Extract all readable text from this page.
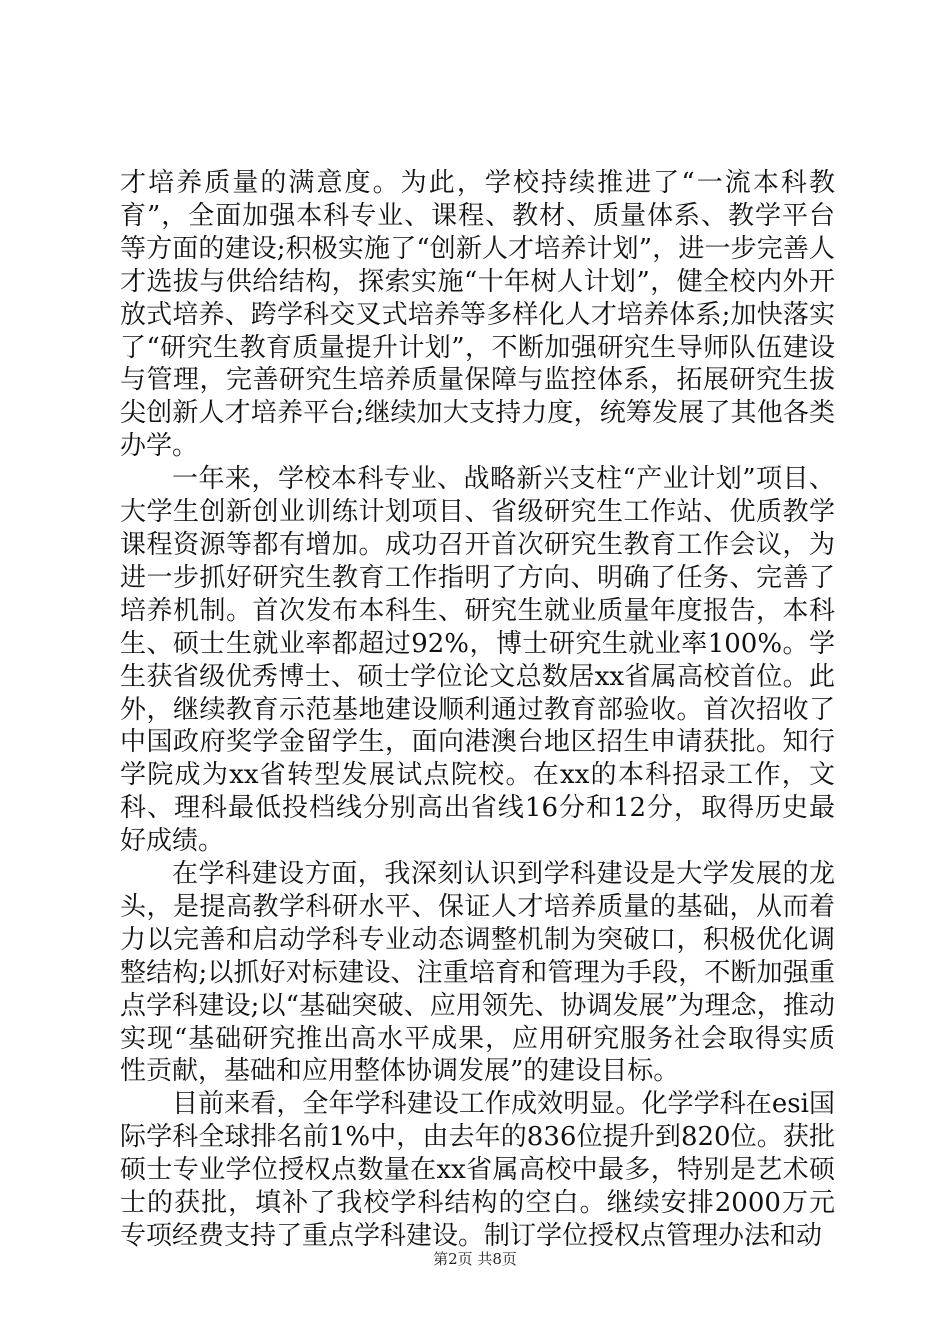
才培养质量的满意度。为此，学校持续推进了“一流本科教育”，全面加强本科专业、课程、教材、质量体系、教学平台等方面的建设;积极实施了“创新人才培养计划”，进一步完善人才选拔与供给结构，探索实施“十年树人计划”，健全校内外开放式培养、跨学科交叉式培养等多样化人才培养体系;加快落实了“研究生教育质量提升计划”，不断加强研究生导师队伍建设与管理，完善研究生培养质量保障与监控体系，拓展研究生拔尖创新人才培养平台;继续加大支持力度，统筹发展了其他各类办学。

一年来，学校本科专业、战略新兴支柱“产业计划”项目、大学生创新创业训练计划项目、省级研究生工作站、优质教学课程资源等都有增加。成功召开首次研究生教育工作会议，为进一步抓好研究生教育工作指明了方向、明确了任务、完善了培养机制。首次发布本科生、研究生就业质量年度报告，本科生、硕士生就业率都超过92%，博士研究生就业率100%。学生获省级优秀博士、硕士学位论文总数居xx省属高校首位。此外，继续教育示范基地建设顺利通过教育部验收。首次招收了中国政府奖学金留学生，面向港澳台地区招生申请获批。知行学院成为xx省转型发展试点院校。在xx的本科招录工作，文科、理科最低投档线分别高出省线16分和12分，取得历史最好成绩。

在学科建设方面，我深刻认识到学科建设是大学发展的龙头，是提高教学科研水平、保证人才培养质量的基础，从而着力以完善和启动学科专业动态调整机制为突破口，积极优化调整结构;以抓好对标建设、注重培育和管理为手段，不断加强重点学科建设;以“基础突破、应用领先、协调发展”为理念，推动实现“基础研究推出高水平成果，应用研究服务社会取得实质性贡献，基础和应用整体协调发展”的建设目标。

目前来看，全年学科建设工作成效明显。化学学科在esi国际学科全球排名前1%中，由去年的836位提升到820位。获批硕士专业学位授权点数量在xx省属高校中最多，特别是艺术硕士的获批，填补了我校学科结构的空白。继续安排2000万元专项经费支持了重点学科建设。制订学位授权点管理办法和动

第2页 共8页
